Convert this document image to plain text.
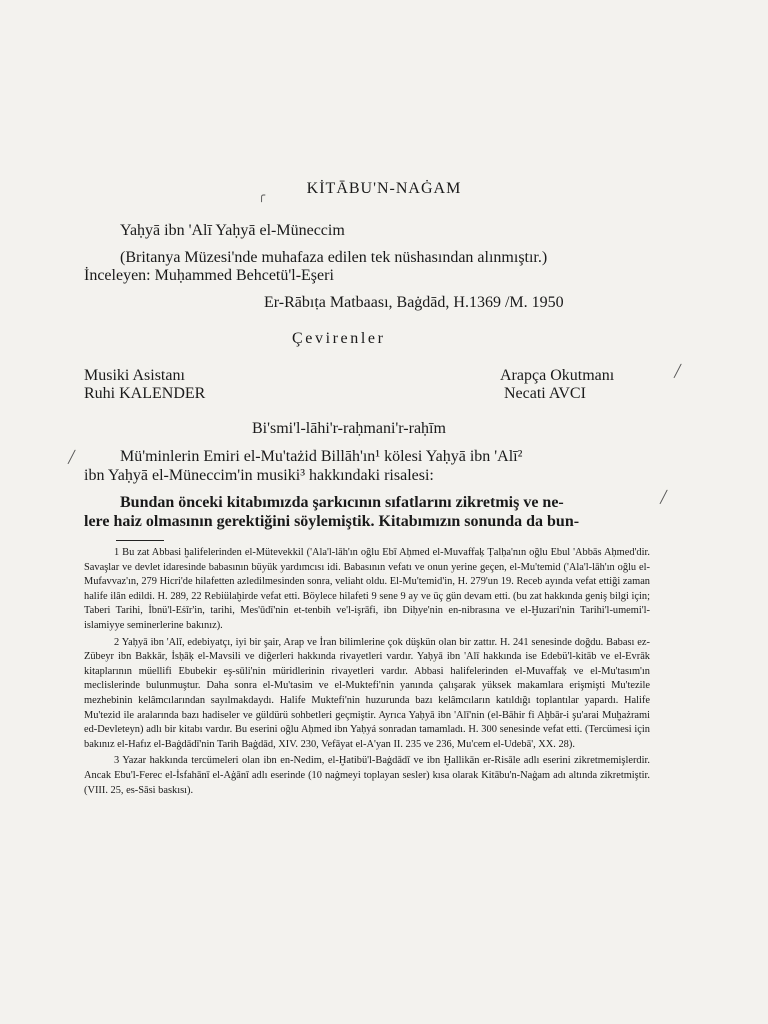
KİTĀBU'N-NAĠAM
Yaḥyā ibn 'Alī Yaḥyā el-Müneccim
(Britanya Müzesi'nde muhafaza edilen tek nüshasından alınmıştır.)
İnceleyen: Muḥammed Behcetü'l-Eşeri
Er-Rābıṭa Matbaası, Baġdād, H.1369 /M. 1950
Çevirenler
Musiki Asistanı
Ruhi KALENDER
Arapça Okutmanı
Necati AVCI
Bi'smi'l-lāhi'r-raḥmani'r-raḥīm
Mü'minlerin Emiri el-Mu'tażid Billāh'ın¹ kölesi Yaḥyā ibn 'Alī²
ibn Yaḥyā el-Müneccim'in musiki³ hakkındaki risalesi:
Bundan önceki kitabımızda şarkıcının sıfatlarını zikretmiş ve ne-
lere haiz olmasının gerektiğini söylemiştik. Kitabımızın sonunda da bun-

1 Bu zat Abbasi ḫalifelerinden el-Mütevekkil ('Ala'l-lāh'ın oğlu Ebī Aḥmed el-Muvaffaḳ Ṭalḥa'nın oğlu Ebul 'Abbās Aḥmed'dir. Savaşlar ve devlet idaresinde babasının büyük yardımcısı idi. Babasının vefatı ve onun yerine geçen, el-Mu'temid ('Ala'l-lāh'ın oğlu el-Mufavvaz'ın, 279 Hicri'de hilafetten azledilmesinden sonra, veliaht oldu. El-Mu'temid'in, H. 279'un 19. Receb ayında vefat ettiği zaman halife ilân edildi. H. 289, 22 Rebiülaḫirde vefat etti. Böylece hilafeti 9 sene 9 ay ve üç gün devam etti. (bu zat hakkında geniş bilgi için; Taberi Tarihi, İbnü'l-Eṡīr'in, tarihi, Mes'ūdī'nin et-tenbih ve'l-işrāfi, ibn Diḥye'nin en-nibrasına ve el-Ḫuzari'nin Tarihi'l-umemi'l-islamiyye seminerlerine bakınız).

2 Yaḥyā ibn 'Alī, edebiyatçı, iyi bir şair, Arap ve İran bilimlerine çok düşkün olan bir zattır. H. 241 senesinde doğdu. Babası ez-Zübeyr ibn Bakkār, İsḥāḳ el-Mavsili ve diğerleri hakkında rivayetleri vardır. Yaḥyā ibn 'Alī hakkında ise Edebü'l-kitāb ve el-Evrāk kitaplarının müellifi Ebubekir eş-sūli'nin müridlerinin rivayetleri vardır. Abbasi halifelerinden el-Muvaffaḳ ve el-Mu'tasım'ın meclislerinde bulunmuştur. Daha sonra el-Mu'tasim ve el-Muktefi'nin yanında çalışarak yüksek makamlara erişmişti Mu'tezile mezhebinin kelâmcılarından sayılmakdaydı. Halife Muktefi'nin huzurunda bazı kelâmcıların katıldığı toplantılar yapardı. Halife Mu'tezid ile aralarında bazı hadiseler ve güldürü sohbetleri geçmiştir. Ayrıca Yaḥyā ibn 'Alī'nin (el-Bāhir fi Aḫbār-i şu'arai Muḫażrami ed-Devleteyn) adlı bir kitabı vardır. Bu eserini oğlu Aḥmed ibn Yaḥyá sonradan tamamladı. H. 300 senesinde vefat etti. (Tercümesi için bakınız el-Hafız el-Baġdādī'nin Tarih Baġdād, XIV. 230, Vefāyat el-A'yan II. 235 ve 236, Mu'cem el-Udebā', XX. 28).

3 Yazar hakkında tercümeleri olan ibn en-Nedim, el-Ḫatibü'l-Baġdādī ve ibn Ḫallikān er-Risāle adlı eserini zikretmemişlerdir. Ancak Ebu'l-Ferec el-İsfahānī el-Aġānī adlı eserinde (10 naġmeyi toplayan sesler) kısa olarak Kitābu'n-Naġam adı altında zikretmiştir. (VIII. 25, es-Sāsi baskısı).

╭
╱
╱
╱
